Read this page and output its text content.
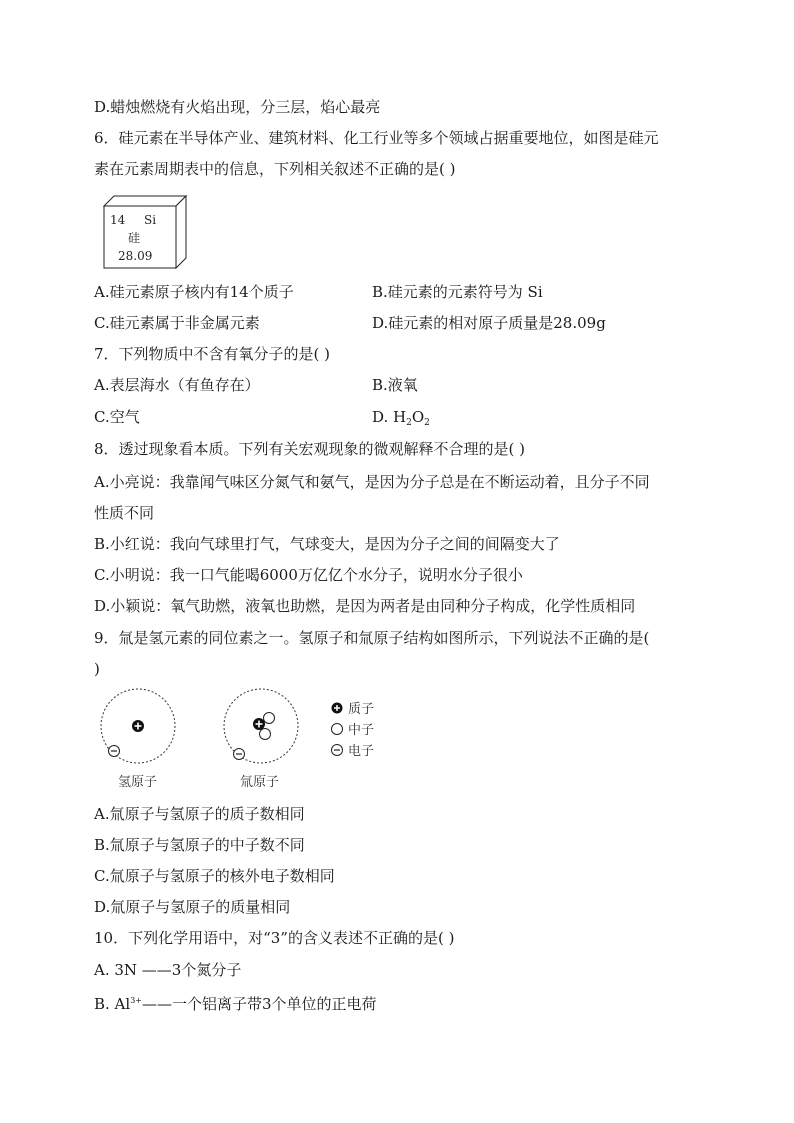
D.蜡烛燃烧有火焰出现，分三层，焰心最亮
6．硅元素在半导体产业、建筑材料、化工行业等多个领域占据重要地位，如图是硅元
素在元素周期表中的信息，下列相关叙述不正确的是( )
14 Si
硅
28.09
A.硅元素原子核内有14个质子	B.硅元素的元素符号为 Si
C.硅元素属于非金属元素	D.硅元素的相对原子质量是28.09g
7．下列物质中不含有氧分子的是( )
A.表层海水（有鱼存在）	B.液氧
C.空气	D. $H_2O_2$
8．透过现象看本质。下列有关宏观现象的微观解释不合理的是( )
A.小亮说：我靠闻气味区分氮气和氨气，是因为分子总是在不断运动着，且分子不同
性质不同
B.小红说：我向气球里打气，气球变大，是因为分子之间的间隔变大了
C.小明说：我一口气能喝6000万亿亿个水分子，说明水分子很小
D.小颖说：氧气助燃，液氧也助燃，是因为两者是由同种分子构成，化学性质相同
9．氚是氢元素的同位素之一。氢原子和氚原子结构如图所示，下列说法不正确的是(
)
氢原子	氚原子
质子
中子
电子
A.氚原子与氢原子的质子数相同
B.氚原子与氢原子的中子数不同
C.氚原子与氢原子的核外电子数相同
D.氚原子与氢原子的质量相同
10．下列化学用语中，对“3”的含义表述不正确的是( )
A. 3N ——3个氮分子
B. $Al^{3+}——$一个铝离子带3个单位的正电荷
